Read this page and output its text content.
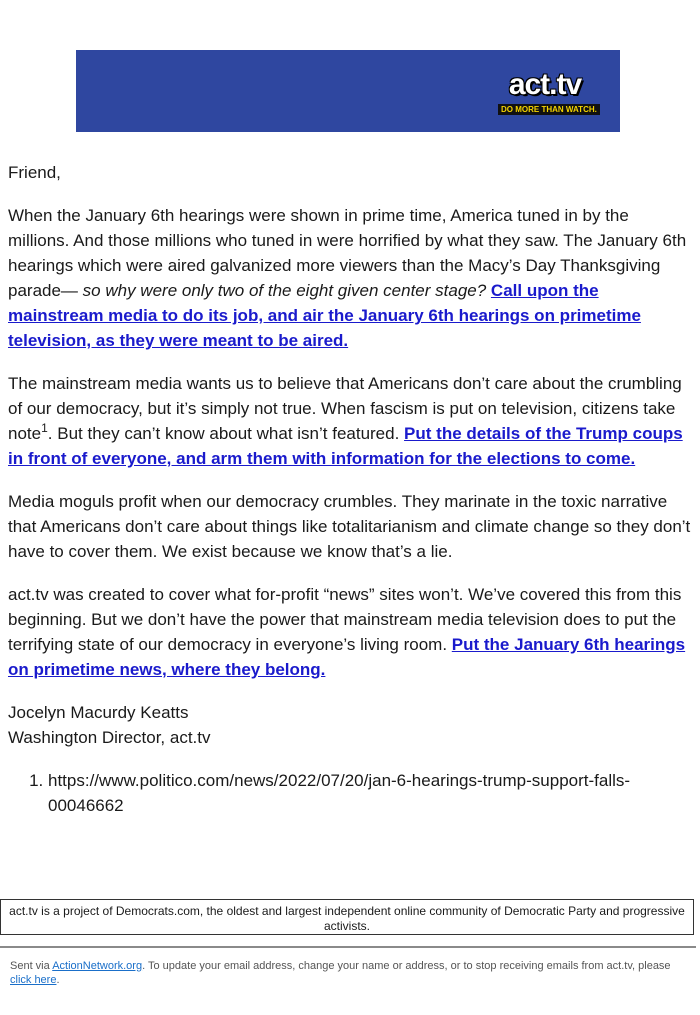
act.tv
DO MORE THAN WATCH.

Friend,

When the January 6th hearings were shown in prime time, America tuned in by the millions. And those millions who tuned in were horrified by what they saw. The January 6th hearings which were aired galvanized more viewers than the Macy’s Day Thanksgiving parade— so why were only two of the eight given center stage? Call upon the mainstream media to do its job, and air the January 6th hearings on primetime television, as they were meant to be aired.

The mainstream media wants us to believe that Americans don’t care about the crumbling of our democracy, but it’s simply not true. When fascism is put on television, citizens take note$^1$. But they can’t know about what isn’t featured. Put the details of the Trump coups in front of everyone, and arm them with information for the elections to come.

Media moguls profit when our democracy crumbles. They marinate in the toxic narrative that Americans don’t care about things like totalitarianism and climate change so they don’t have to cover them. We exist because we know that’s a lie.

act.tv was created to cover what for-profit “news” sites won’t. We’ve covered this from this beginning. But we don’t have the power that mainstream media television does to put the terrifying state of our democracy in everyone’s living room. Put the January 6th hearings on primetime news, where they belong.

Jocelyn Macurdy Keatts
Washington Director, act.tv
1. https://www.politico.com/news/2022/07/20/jan-6-hearings-trump-support-falls-00046662
act.tv is a project of Democrats.com, the oldest and largest independent online community of Democratic Party and progressive activists.
Sent via ActionNetwork.org. To update your email address, change your name or address, or to stop receiving emails from act.tv, please click here.
